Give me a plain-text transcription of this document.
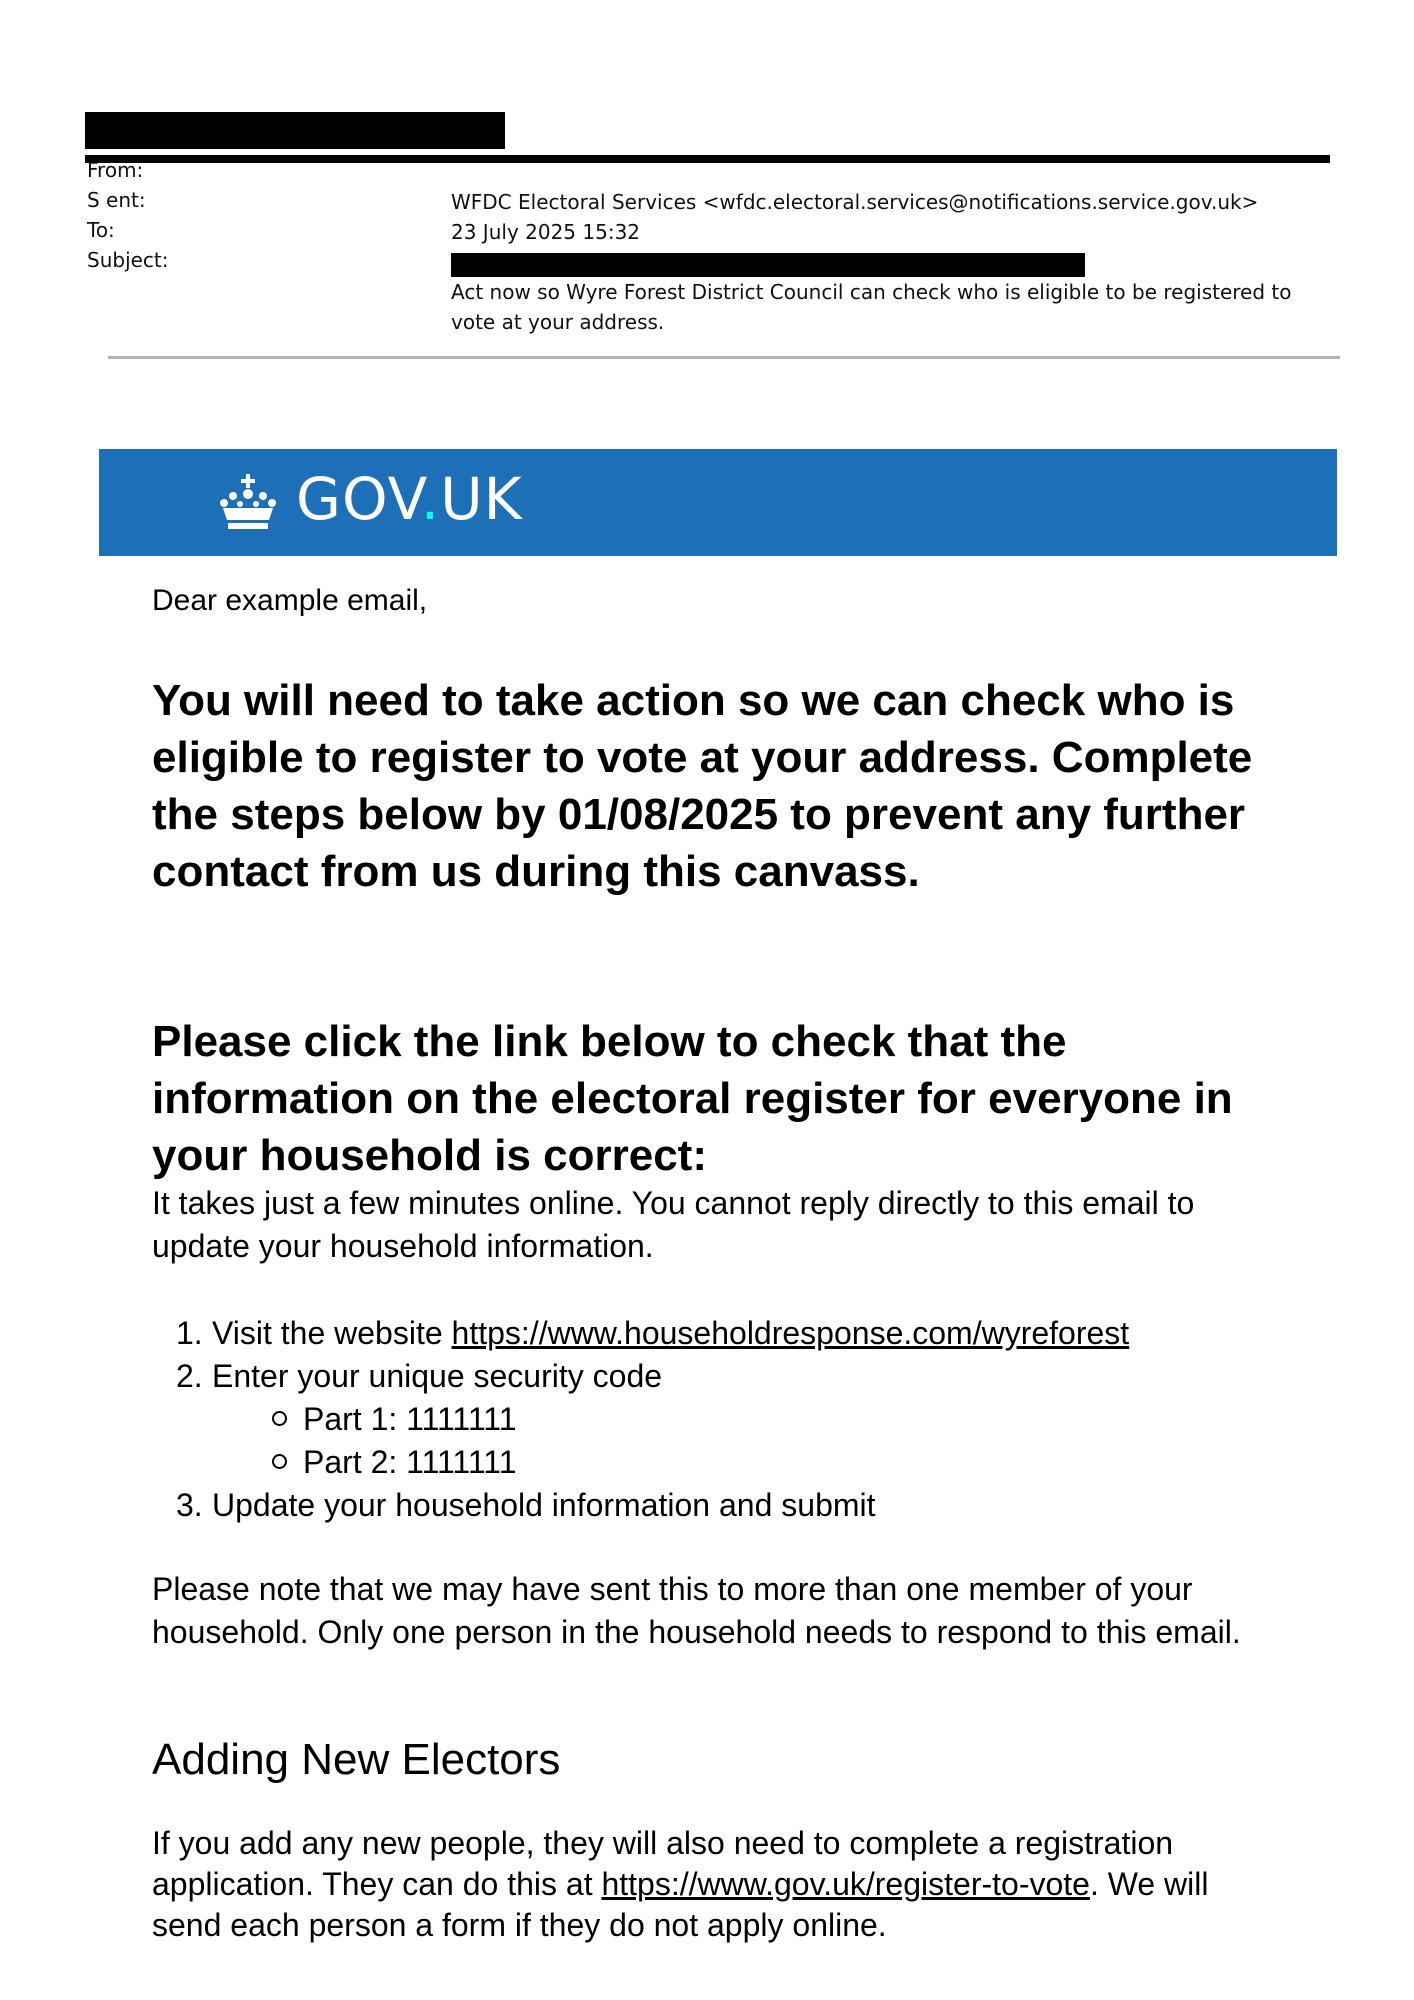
From:
S ent:
To:
Subject:
WFDC Electoral Services <wfdc.electoral.services@notifications.service.gov.uk>
23 July 2025 15:32
Act now so Wyre Forest District Council can check who is eligible to be registered to vote at your address.
GOV.UK
Dear example email,
You will need to take action so we can check who is eligible to register to vote at your address. Complete the steps below by 01/08/2025 to prevent any further contact from us during this canvass.
Please click the link below to check that the information on the electoral register for everyone in your household is correct:
It takes just a few minutes online. You cannot reply directly to this email to update your household information.
1. Visit the website https://www.householdresponse.com/wyreforest
2. Enter your unique security code
Part 1: 1111111
Part 2: 1111111
3. Update your household information and submit
Please note that we may have sent this to more than one member of your household. Only one person in the household needs to respond to this email.
Adding New Electors
If you add any new people, they will also need to complete a registration application. They can do this at https://www.gov.uk/register-to-vote. We will send each person a form if they do not apply online.
